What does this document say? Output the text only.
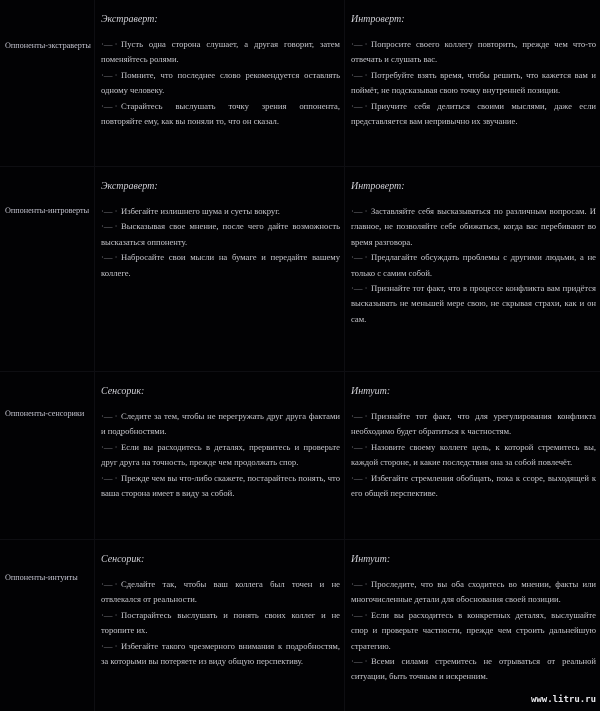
Оппоненты-экстраверты
Экстраверт:

·— · Пусть одна сторона слушает, а другая говорит, затем поменяйтесь ролями.

·— · Помните, что последнее слово рекомендуется оставлять одному человеку.

·— · Старайтесь выслушать точку зрения оппонента, повторяйте ему, как вы поняли то, что он сказал.

Интроверт:

·— · Попросите своего коллегу повторить, прежде чем что-то отвечать и слушать вас.

·— · Потребуйте взять время, чтобы решить, что кажется вам и поймёт, не подсказывая свою точку внутренней позиции.

·— · Приучите себя делиться своими мыслями, даже если представляется вам непривычно их звучание.

Оппоненты-интроверты
Экстраверт:

·— · Избегайте излишнего шума и суеты вокруг.

·— · Высказывая свое мнение, после чего дайте возможность высказаться оппоненту.

·— · Набросайте свои мысли на бумаге и передайте вашему коллеге.

Интроверт:

·— · Заставляйте себя высказываться по различным вопросам. И главное, не позволяйте себе обижаться, когда вас перебивают во время разговора.

·— · Предлагайте обсуждать проблемы с другими людьми, а не только с самим собой.

·— · Признайте тот факт, что в процессе конфликта вам придётся высказывать не меньшей мере свою, не скрывая страхи, как и он сам.

Оппоненты-сенсорики
Сенсорик:

·— · Следите за тем, чтобы не перегружать друг друга фактами и подробностями.

·— · Если вы расходитесь в деталях, прервитесь и проверьте друг друга на точность, прежде чем продолжать спор.

·— · Прежде чем вы что-либо скажете, постарайтесь понять, что ваша сторона имеет в виду за собой.

Интуит:

·— · Признайте тот факт, что для урегулирования конфликта необходимо будет обратиться к частностям.

·— · Назовите своему коллеге цель, к которой стремитесь вы, каждой стороне, и какие последствия она за собой повлечёт.

·— · Избегайте стремления обобщать, пока к ссоре, выходящей к его общей перспективе.

Оппоненты-интуиты
Сенсорик:

·— · Сделайте так, чтобы ваш коллега был точен и не отвлекался от реальности.

·— · Постарайтесь выслушать и понять своих коллег и не торопите их.

·— · Избегайте такого чрезмерного внимания к подробностям, за которыми вы потеряете из виду общую перспективу.

Интуит:

·— · Проследите, что вы оба сходитесь во мнении, факты или многочисленные детали для обоснования своей позиции.

·— · Если вы расходитесь в конкретных деталях, выслушайте спор и проверьте частности, прежде чем строить дальнейшую стратегию.

·— · Всеми силами стремитесь не отрываться от реальной ситуации, быть точным и искренним.

www.litru.ru
